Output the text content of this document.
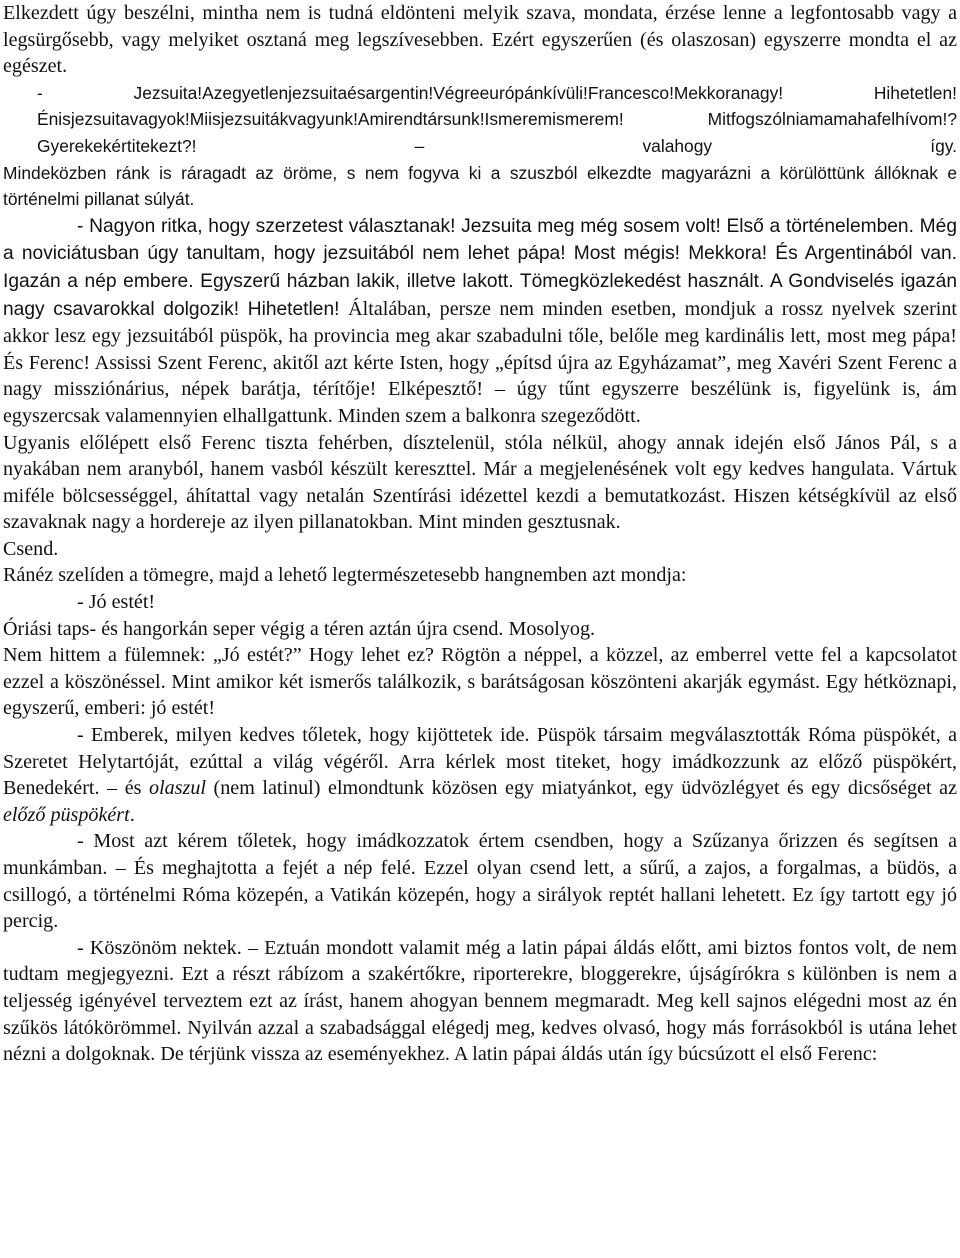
Elkezdett úgy beszélni, mintha nem is tudná eldönteni melyik szava, mondata, érzése lenne a legfontosabb vagy a legsürgősebb, vagy melyiket osztaná meg legszívesebben. Ezért egyszerűen (és olaszosan) egyszerre mondta el az egészet.

- Jezsuita!Azegyetlenjezsuitaésargentin!Végreeurópánkívüli!Francesco!Mekkoranagy! Hihetetlen!Énisjezsuitavagyok!Miisjezsuitákvagyunk!Amirendtársunk!Ismeremismerem! Mitfogszólniamamahafelhívom!?Gyerekekértitekezt?! – valahogy így.

Mindeközben ránk is ráragadt az öröme, s nem fogyva ki a szuszból elkezdte magyarázni a körülöttünk állóknak e történelmi pillanat súlyát.

- Nagyon ritka, hogy szerzetest választanak! Jezsuita meg még sosem volt! Első a történelemben. Még a noviciátusban úgy tanultam, hogy jezsuitából nem lehet pápa! Most mégis! Mekkora! És Argentinából van. Igazán a nép embere. Egyszerű házban lakik, illetve lakott. Tömegközlekedést használt. A Gondviselés igazán nagy csavarokkal dolgozik! Hihetetlen! Általában, persze nem minden esetben, mondjuk a rossz nyelvek szerint akkor lesz egy jezsuitából püspök, ha provincia meg akar szabadulni tőle, belőle meg kardinális lett, most meg pápa! És Ferenc! Assissi Szent Ferenc, akitől azt kérte Isten, hogy „építsd újra az Egyházamat”, meg Xavéri Szent Ferenc a nagy missziónárius, népek barátja, térítője! Elképesztő! – úgy tűnt egyszerre beszélünk is, figyelünk is, ám egyszercsak valamennyien elhallgattunk. Minden szem a balkonra szegeződött.

Ugyanis előlépett első Ferenc tiszta fehérben, dísztelenül, stóla nélkül, ahogy annak idején első János Pál, s a nyakában nem aranyból, hanem vasból készült kereszttel. Már a megjelenésének volt egy kedves hangulata. Vártuk miféle bölcsességgel, áhítattal vagy netalán Szentírási idézettel kezdi a bemutatkozást. Hiszen kétségkívül az első szavaknak nagy a hordereje az ilyen pillanatokban. Mint minden gesztusnak.

Csend.

Ránéz szelíden a tömegre, majd a lehető legtermészetesebb hangnemben azt mondja:

- Jó estét!

Óriási taps- és hangorkán seper végig a téren aztán újra csend. Mosolyog.

Nem hittem a fülemnek: „Jó estét?” Hogy lehet ez? Rögtön a néppel, a közzel, az emberrel vette fel a kapcsolatot ezzel a köszönéssel. Mint amikor két ismerős találkozik, s barátságosan köszönteni akarják egymást. Egy hétköznapi, egyszerű, emberi: jó estét!

- Emberek, milyen kedves tőletek, hogy kijöttetek ide. Püspök társaim megválasztották Róma püspökét, a Szeretet Helytartóját, ezúttal a világ végéről. Arra kérlek most titeket, hogy imádkozzunk az előző püspökért, Benedekért. – és olaszul (nem latinul) elmondtunk közösen egy miatyánkot, egy üdvözlégyet és egy dicsőséget az előző püspökért.

- Most azt kérem tőletek, hogy imádkozzatok értem csendben, hogy a Szűzanya őrizzen és segítsen a munkámban. – És meghajtotta a fejét a nép felé. Ezzel olyan csend lett, a sűrű, a zajos, a forgalmas, a büdös, a csillogó, a történelmi Róma közepén, a Vatikán közepén, hogy a sirályok reptét hallani lehetett. Ez így tartott egy jó percig.

- Köszönöm nektek. – Eztuán mondott valamit még a latin pápai áldás előtt, ami biztos fontos volt, de nem tudtam megjegyezni. Ezt a részt rábízom a szakértőkre, riporterekre, bloggerekre, újságírókra s különben is nem a teljesség igényével terveztem ezt az írást, hanem ahogyan bennem megmaradt. Meg kell sajnos elégedni most az én szűkös látókörömmel. Nyilván azzal a szabadsággal elégedj meg, kedves olvasó, hogy más forrásokból is utána lehet nézni a dolgoknak. De térjünk vissza az eseményekhez. A latin pápai áldás után így búcsúzott el első Ferenc:
